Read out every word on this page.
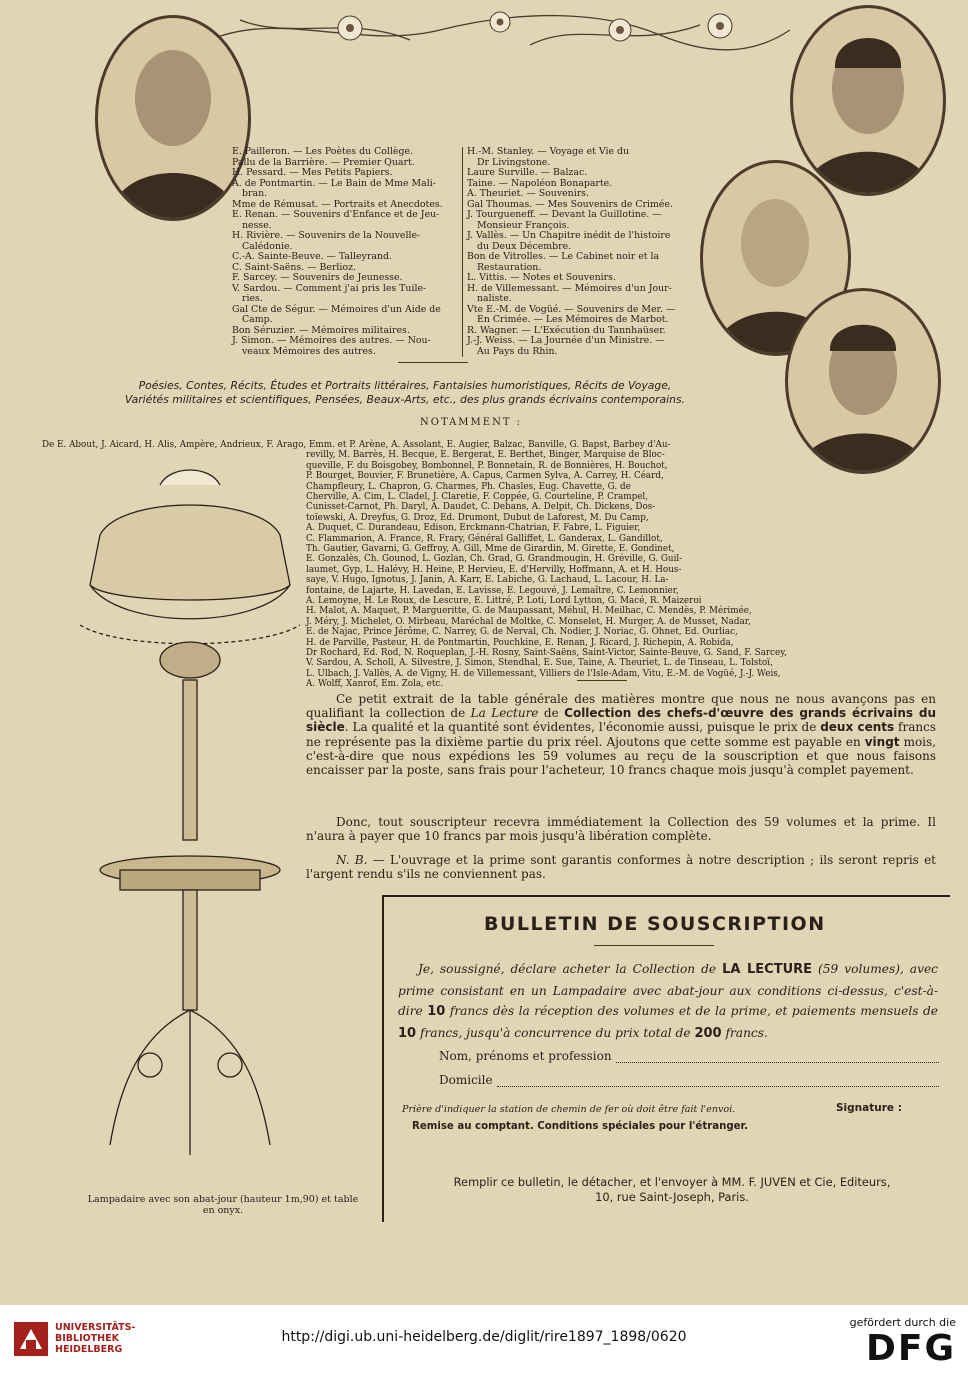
E. Pailleron. — Les Poètes du Collège.
Pallu de la Barrière. — Premier Quart.
H. Pessard. — Mes Petits Papiers.
A. de Pontmartin. — Le Bain de Mme Mali-
bran.
Mme de Rémusat. — Portraits et Anecdotes.
E. Renan. — Souvenirs d'Enfance et de Jeu-
nesse.
H. Rivière. — Souvenirs de la Nouvelle-
Calédonie.
C.-A. Sainte-Beuve. — Talleyrand.
C. Saint-Saëns. — Berlioz.
F. Sarcey. — Souvenirs de Jeunesse.
V. Sardou. — Comment j'ai pris les Tuile-
ries.
Gal Cte de Ségur. — Mémoires d'un Aide de
Camp.
Bon Séruzier. — Mémoires militaires.
J. Simon. — Mémoires des autres. — Nou-
veaux Mémoires des autres.
H.-M. Stanley. — Voyage et Vie du
Dr Livingstone.
Laure Surville. — Balzac.
Taine. — Napoléon Bonaparte.
A. Theuriet. — Souvenirs.
Gal Thoumas. — Mes Souvenirs de Crimée.
J. Tourgueneff. — Devant la Guillotine. —
Monsieur François.
J. Vallès. — Un Chapitre inédit de l'histoire
du Deux Décembre.
Bon de Vitrolles. — Le Cabinet noir et la
Restauration.
L. Vittis. — Notes et Souvenirs.
H. de Villemessant. — Mémoires d'un Jour-
naliste.
Vte E.-M. de Vogüé. — Souvenirs de Mer. —
En Crimée. — Les Mémoires de Marbot.
R. Wagner. — L'Exécution du Tannhaüser.
J.-J. Weiss. — La Journée d'un Ministre. —
Au Pays du Rhin.
Poésies, Contes, Récits, Études et Portraits littéraires, Fantaisies humoristiques, Récits de Voyage,
Variétés militaires et scientifiques, Pensées, Beaux-Arts, etc., des plus grands écrivains contemporains.
NOTAMMENT :
De E. About, J. Aicard, H. Alis, Ampère, Andrieux, F. Arago, Emm. et P. Arène, A. Assolant, E. Augier, Balzac, Banville, G. Bapst, Barbey d'Au-
revilly, M. Barrès, H. Becque, E. Bergerat, E. Berthet, Binger, Marquise de Bloc-
queville, F. du Boisgobey, Bombonnel, P. Bonnetain, R. de Bonnières, H. Bouchot,
P. Bourget, Bouvier, F. Brunetière, A. Capus, Carmen Sylva, A. Carrey, H. Céard,
Champfleury, L. Chapron, G. Charmes, Ph. Chasles, Eug. Chavette, G. de
Cherville, A. Cim, L. Cladel, J. Claretie, F. Coppée, G. Courteline, P. Crampel,
Cunisset-Carnot, Ph. Daryl, A. Daudet, C. Debans, A. Delpit, Ch. Dickens, Dos-
toïewski, A. Dreyfus, G. Droz, Ed. Drumont, Dubut de Laforest, M. Du Camp,
A. Duquet, C. Durandeau, Edison, Erckmann-Chatrian, F. Fabre, L. Figuier,
C. Flammarion, A. France, R. Frary, Général Galliffet, L. Ganderax, L. Gandillot,
Th. Gautier, Gavarni, G. Geffroy, A. Gill, Mme de Girardin, M. Girette, E. Gondinet,
E. Gonzalès, Ch. Gounod, L. Gozlan, Ch. Grad, G. Grandmougin, H. Gréville, G. Guil-
laumet, Gyp, L. Halévy, H. Heine, P. Hervieu, E. d'Hervilly, Hoffmann, A. et H. Hous-
saye, V. Hugo, Ignotus, J. Janin, A. Karr, E. Labiche, G. Lachaud, L. Lacour, H. La-
fontaine, de Lajarte, H. Lavedan, E. Lavisse, E. Legouvé, J. Lemaître, C. Lemonnier,
A. Lemoyne, H. Le Roux, de Lescure, E. Littré, P. Loti, Lord Lytton, G. Macé, R. Maizeroi
H. Malot, A. Maquet, P. Margueritte, G. de Maupassant, Méhul, H. Meilhac, C. Mendès, P. Mérimée,
J. Méry, J. Michelet, O. Mirbeau, Maréchal de Moltke, C. Monselet, H. Murger, A. de Musset, Nadar,
E. de Najac, Prince Jérôme, C. Narrey, G. de Nerval, Ch. Nodier, J. Noriac, G. Ohnet, Ed. Ourliac,
H. de Parville, Pasteur, H. de Pontmartin, Pouchkine, E. Renan, J. Ricard, J. Richepin, A. Robida,
Dr Rochard, Ed. Rod, N. Roqueplan, J.-H. Rosny, Saint-Saëns, Saint-Victor, Sainte-Beuve, G. Sand, F. Sarcey,
V. Sardou, A. Scholl, A. Silvestre, J. Simon, Stendhal, E. Sue, Taine, A. Theuriet, L. de Tinseau, L. Tolstoï,
L. Ulbach, J. Vallès, A. de Vigny, H. de Villemessant, Villiers de l'Isle-Adam, Vitu, E.-M. de Vogüé, J.-J. Weis,
A. Wolff, Xanrof, Em. Zola, etc.
Lampadaire avec son abat-jour (hauteur 1m,90) et table
en onyx.
Ce petit extrait de la table générale des matières montre que nous ne nous avançons pas en qualifiant la collection de La Lecture de Collection des chefs-d'œuvre des grands écrivains du siècle. La qualité et la quantité sont évidentes, l'économie aussi, puisque le prix de deux cents francs ne représente pas la dixième partie du prix réel. Ajoutons que cette somme est payable en vingt mois, c'est-à-dire que nous expédions les 59 volumes au reçu de la souscription et que nous faisons encaisser par la poste, sans frais pour l'acheteur, 10 francs chaque mois jusqu'à complet payement.
Donc, tout souscripteur recevra immédiatement la Collection des 59 volumes et la prime. Il n'aura à payer que 10 francs par mois jusqu'à libération complète.
N. B. — L'ouvrage et la prime sont garantis conformes à notre description ; ils seront repris et l'argent rendu s'ils ne conviennent pas.
BULLETIN DE SOUSCRIPTION
Je, soussigné, déclare acheter la Collection de LA LECTURE (59 volumes), avec prime consistant en un Lampadaire avec abat-jour aux conditions ci-dessus, c'est-à-dire 10 francs dès la réception des volumes et de la prime, et paiements mensuels de 10 francs, jusqu'à concurrence du prix total de 200 francs.
Nom, prénoms et profession
Domicile
Prière d'indiquer la station de chemin de fer où doit être fait l'envoi.	Signature :
Remise au comptant. Conditions spéciales pour l'étranger.
Remplir ce bulletin, le détacher, et l'envoyer à MM. F. JUVEN et Cie, Editeurs,
10, rue Saint-Joseph, Paris.
UNIVERSITÄTS-
BIBLIOTHEK
HEIDELBERG
http://digi.ub.uni-heidelberg.de/diglit/rire1897_1898/0620
gefördert durch die
DFG
